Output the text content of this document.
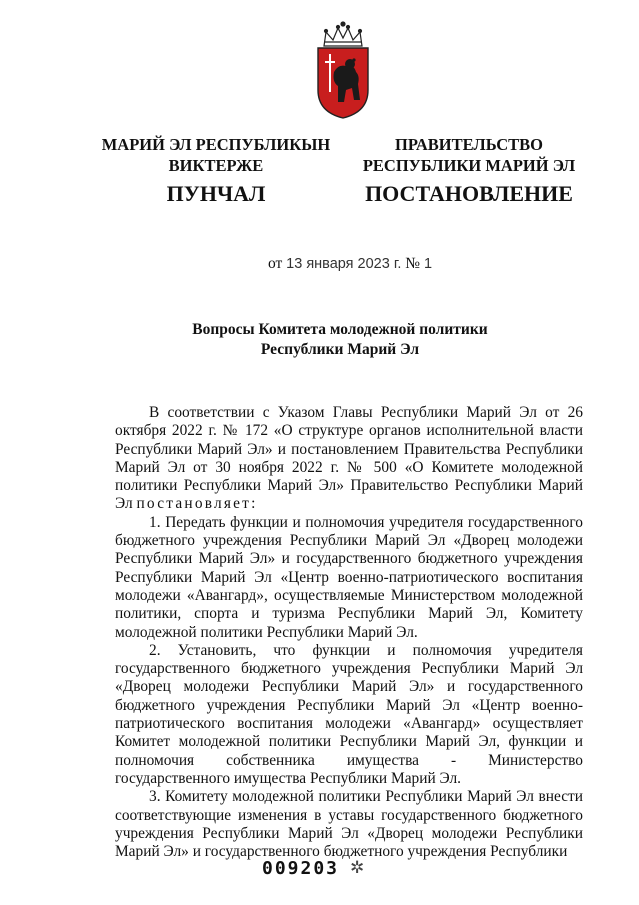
МАРИЙ ЭЛ РЕСПУБЛИКЫН
ВИКТЕРЖЕ
ПУНЧАЛ
ПРАВИТЕЛЬСТВО
РЕСПУБЛИКИ МАРИЙ ЭЛ
ПОСТАНОВЛЕНИЕ
от 13 января 2023 г. № 1
Вопросы Комитета молодежной политики
Республики Марий Эл

В соответствии с Указом Главы Республики Марий Эл от 26 октября 2022 г. № 172 «О структуре органов исполнительной власти Республики Марий Эл» и постановлением Правительства Республики Марий Эл от 30 ноября 2022 г. № 500 «О Комитете молодежной политики Республики Марий Эл» Правительство Республики Марий Эл постановляет:

1. Передать функции и полномочия учредителя государственного бюджетного учреждения Республики Марий Эл «Дворец молодежи Республики Марий Эл» и государственного бюджетного учреждения Республики Марий Эл «Центр военно-патриотического воспитания молодежи «Авангард», осуществляемые Министерством молодежной политики, спорта и туризма Республики Марий Эл, Комитету молодежной политики Республики Марий Эл.

2. Установить, что функции и полномочия учредителя государственного бюджетного учреждения Республики Марий Эл «Дворец молодежи Республики Марий Эл» и государственного бюджетного учреждения Республики Марий Эл «Центр военно-патриотического воспитания молодежи «Авангард» осуществляет Комитет молодежной политики Республики Марий Эл, функции и полномочия собственника имущества - Министерство государственного имущества Республики Марий Эл.

3. Комитету молодежной политики Республики Марий Эл внести соответствующие изменения в уставы государственного бюджетного учреждения Республики Марий Эл «Дворец молодежи Республики Марий Эл» и государственного бюджетного учреждения Республики

009203 ✲
